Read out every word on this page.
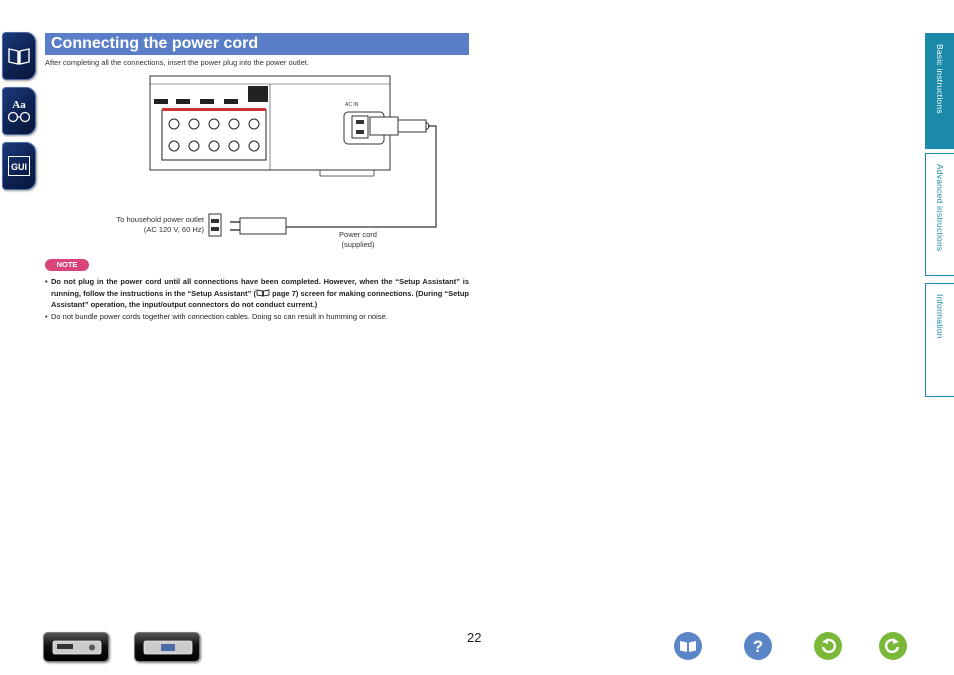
Aa
GUI
Connecting the power cord
After completing all the connections, insert the power plug into the power outlet.
AC IN
To household power outlet
(AC 120 V, 60 Hz)
Power cord
(supplied)
NOTE
• Do not plug in the power cord until all connections have been completed. However, when the “Setup Assistant” is running, follow the instructions in the “Setup Assistant” ( page 7) screen for making connections. (During “Setup Assistant” operation, the input/output connectors do not conduct current.)
• Do not bundle power cords together with connection cables. Doing so can result in humming or noise.
22
Basic instructions
Advanced instructions
Information
?
